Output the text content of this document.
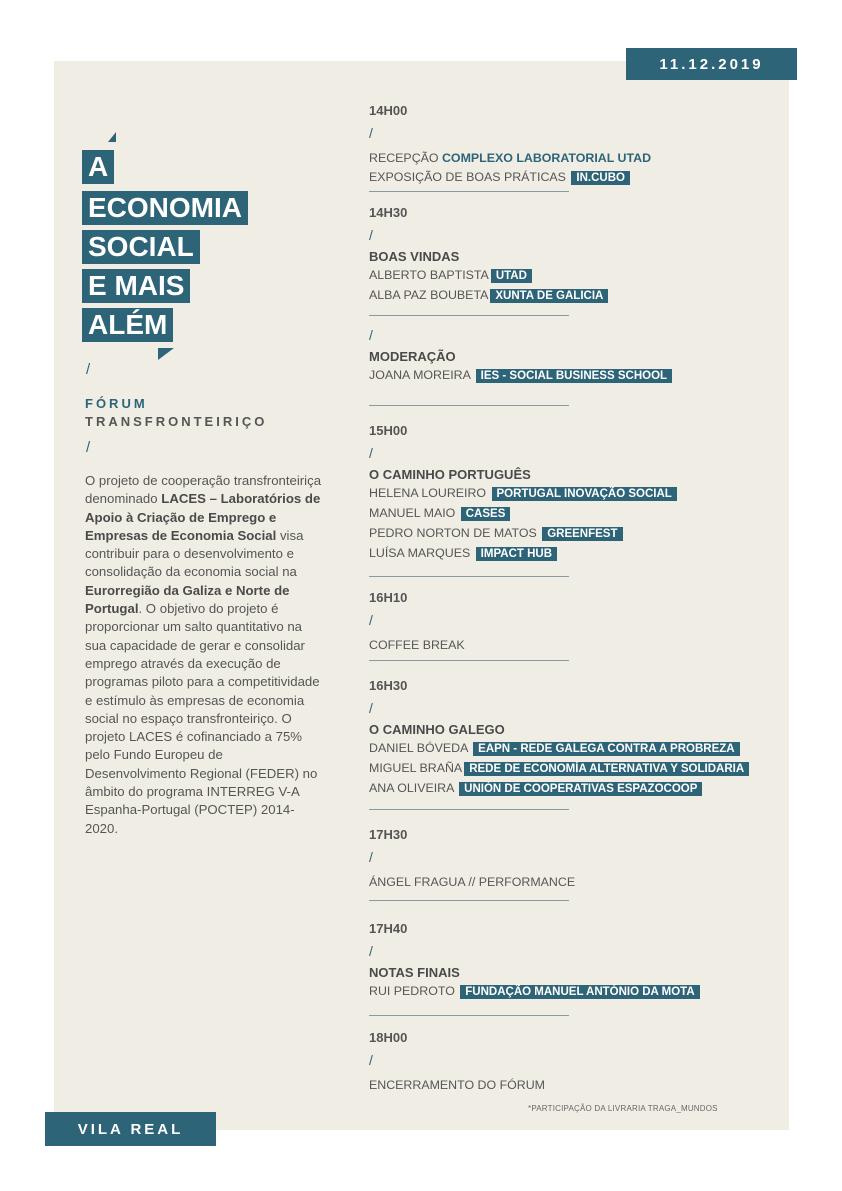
11.12.2019
A
ECONOMIA
SOCIAL
E MAIS
ALÉM
/
FÓRUM
TRANSFRONTEIRIÇO
/
O projeto de cooperação transfronteiriça denominado LACES – Laboratórios de Apoio à Criação de Emprego e Empresas de Economia Social visa contribuir para o desenvolvimento e consolidação da economia social na Eurorregião da Galiza e Norte de Portugal. O objetivo do projeto é proporcionar um salto quantitativo na sua capacidade de gerar e consolidar emprego através da execução de programas piloto para a competitividade e estímulo às empresas de economia social no espaço transfronteiriço. O projeto LACES é cofinanciado a 75% pelo Fundo Europeu de Desenvolvimento Regional (FEDER) no âmbito do programa INTERREG V-A Espanha-Portugal (POCTEP) 2014-2020.
14H00
/
RECEPÇÃO COMPLEXO LABORATORIAL UTAD
EXPOSIÇÃO DE BOAS PRÁTICAS IN.CUBO
14H30
/
BOAS VINDAS
ALBERTO BAPTISTA UTAD
ALBA PAZ BOUBETA XUNTA DE GALICIA
/
MODERAÇÃO
JOANA MOREIRA IES - SOCIAL BUSINESS SCHOOL
15H00
/
O CAMINHO PORTUGUÊS
HELENA LOUREIRO PORTUGAL INOVAÇÃO SOCIAL
MANUEL MAIO CASES
PEDRO NORTON DE MATOS GREENFEST
LUÍSA MARQUES IMPACT HUB
16H10
/
COFFEE BREAK
16H30
/
O CAMINHO GALEGO
DANIEL BÓVEDA EAPN - REDE GALEGA CONTRA A PROBREZA
MIGUEL BRAÑA REDE DE ECONOMÍA ALTERNATIVA Y SOLIDARIA
ANA OLIVEIRA UNIÓN DE COOPERATIVAS ESPAZOCOOP
17H30
/
ÁNGEL FRAGUA // PERFORMANCE
17H40
/
NOTAS FINAIS
RUI PEDROTO FUNDAÇÃO MANUEL ANTÓNIO DA MOTA
18H00
/
ENCERRAMENTO DO FÓRUM
*PARTICIPAÇÃO DA LIVRARIA TRAGA_MUNDOS
VILA REAL
